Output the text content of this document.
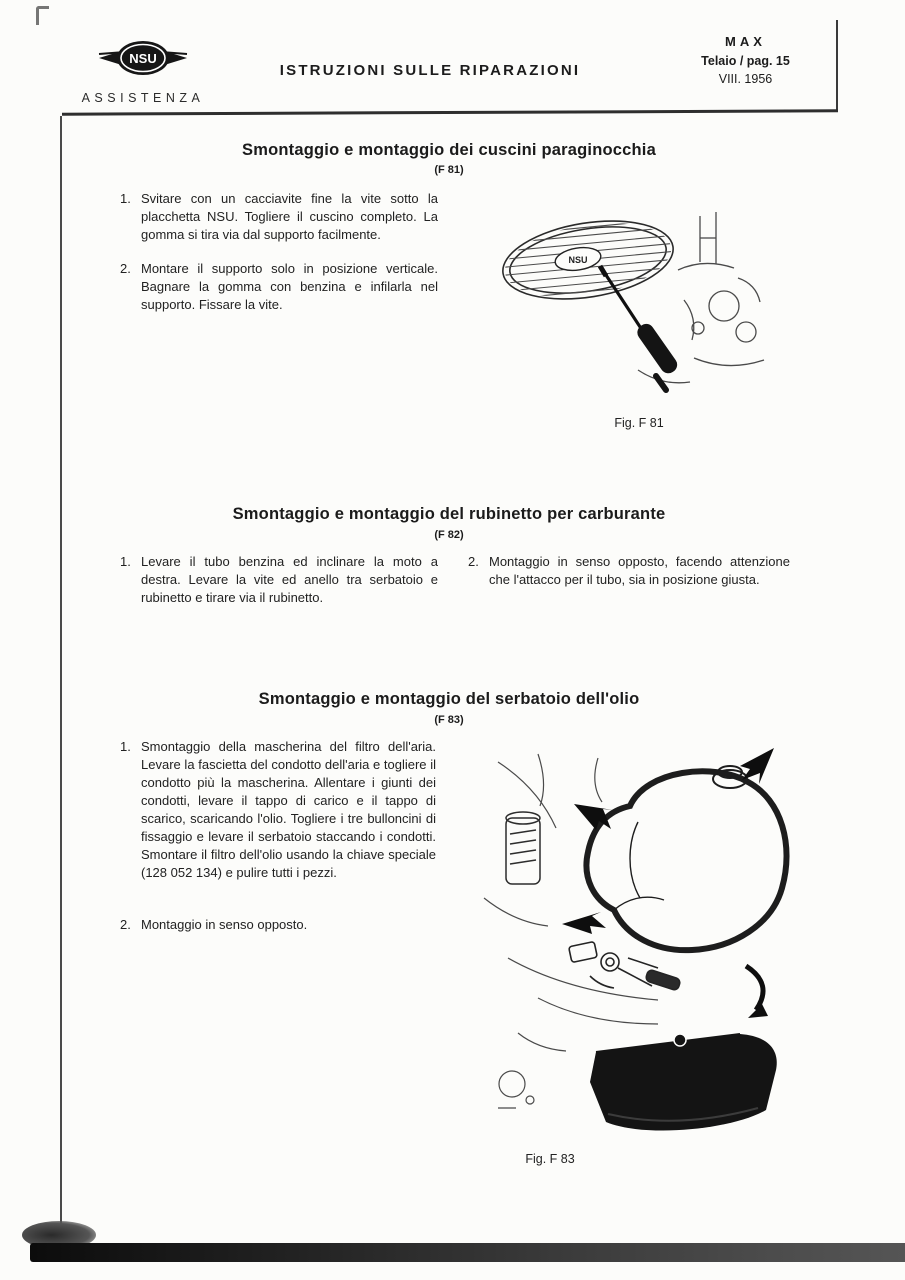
NSU
ASSISTENZA
ISTRUZIONI SULLE RIPARAZIONI
MAX
Telaio / pag. 15
VIII. 1956
Smontaggio e montaggio dei cuscini paraginocchia
(F 81)
1. Svitare con un cacciavite fine la vite sotto la placchetta NSU. Togliere il cuscino completo. La gomma si tira via dal supporto facilmente.

2. Montare il supporto solo in posizione verticale. Bagnare la gomma con benzina e infilarla nel supporto. Fissare la vite.

NSU
Fig. F 81
Smontaggio e montaggio del rubinetto per carburante
(F 82)
1. Levare il tubo benzina ed inclinare la moto a destra. Levare la vite ed anello tra serbatoio e rubinetto e tirare via il rubinetto.

2. Montaggio in senso opposto, facendo attenzione che l'attacco per il tubo, sia in posizione giusta.

Smontaggio e montaggio del serbatoio dell'olio
(F 83)
1. Smontaggio della mascherina del filtro dell'aria. Levare la fascietta del condotto dell'aria e togliere il condotto più la mascherina. Allentare i giunti dei condotti, levare il tappo di carico e il tappo di scarico, scaricando l'olio. Togliere i tre bulloncini di fissaggio e levare il serbatoio staccando i condotti. Smontare il filtro dell'olio usando la chiave speciale (128 052 134) e pulire tutti i pezzi.

2. Montaggio in senso opposto.

Fig. F 83
